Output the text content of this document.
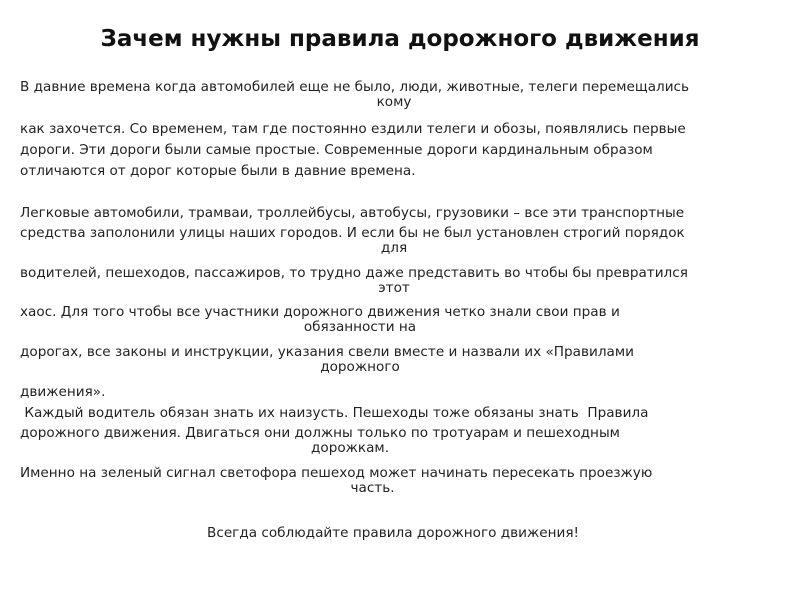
Зачем нужны правила дорожного движения
В давние времена когда автомобилей еще не было, люди, животные, телеги перемещались
кому
как захочется. Со временем, там где постоянно ездили телеги и обозы, появлялись первые
дороги. Эти дороги были самые простые. Современные дороги кардинальным образом
отличаются от дорог которые были в давние времена.
Легковые автомобили, трамваи, троллейбусы, автобусы, грузовики – все эти транспортные
средства заполонили улицы наших городов. И если бы не был установлен строгий порядок
для
водителей, пешеходов, пассажиров, то трудно даже представить во чтобы бы превратился
этот
хаос. Для того чтобы все участники дорожного движения четко знали свои прав и
обязанности на
дорогах, все законы и инструкции, указания свели вместе и назвали их «Правилами
дорожного
движения».
Каждый водитель обязан знать их наизусть. Пешеходы тоже обязаны знать  Правила
дорожного движения. Двигаться они должны только по тротуарам и пешеходным
дорожкам.
Именно на зеленый сигнал светофора пешеход может начинать пересекать проезжую
часть.
Всегда соблюдайте правила дорожного движения!
